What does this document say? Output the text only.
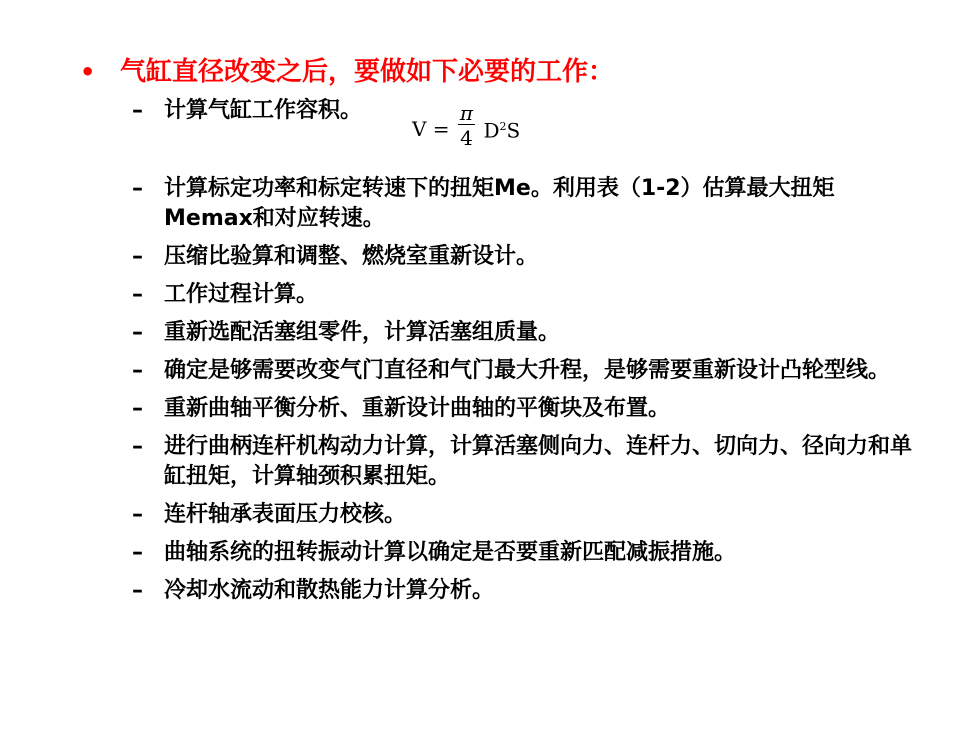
• 气缸直径改变之后，要做如下必要的工作：
– 计算气缸工作容积。
$V = \frac{\pi}{4} D^2S$
– 计算标定功率和标定转速下的扭矩Me。利用表（1-2）估算最大扭矩Memax和对应转速。
– 压缩比验算和调整、燃烧室重新设计。
– 工作过程计算。
– 重新选配活塞组零件，计算活塞组质量。
– 确定是够需要改变气门直径和气门最大升程，是够需要重新设计凸轮型线。
– 重新曲轴平衡分析、重新设计曲轴的平衡块及布置。
– 进行曲柄连杆机构动力计算，计算活塞侧向力、连杆力、切向力、径向力和单缸扭矩，计算轴颈积累扭矩。
– 连杆轴承表面压力校核。
– 曲轴系统的扭转振动计算以确定是否要重新匹配减振措施。
– 冷却水流动和散热能力计算分析。
